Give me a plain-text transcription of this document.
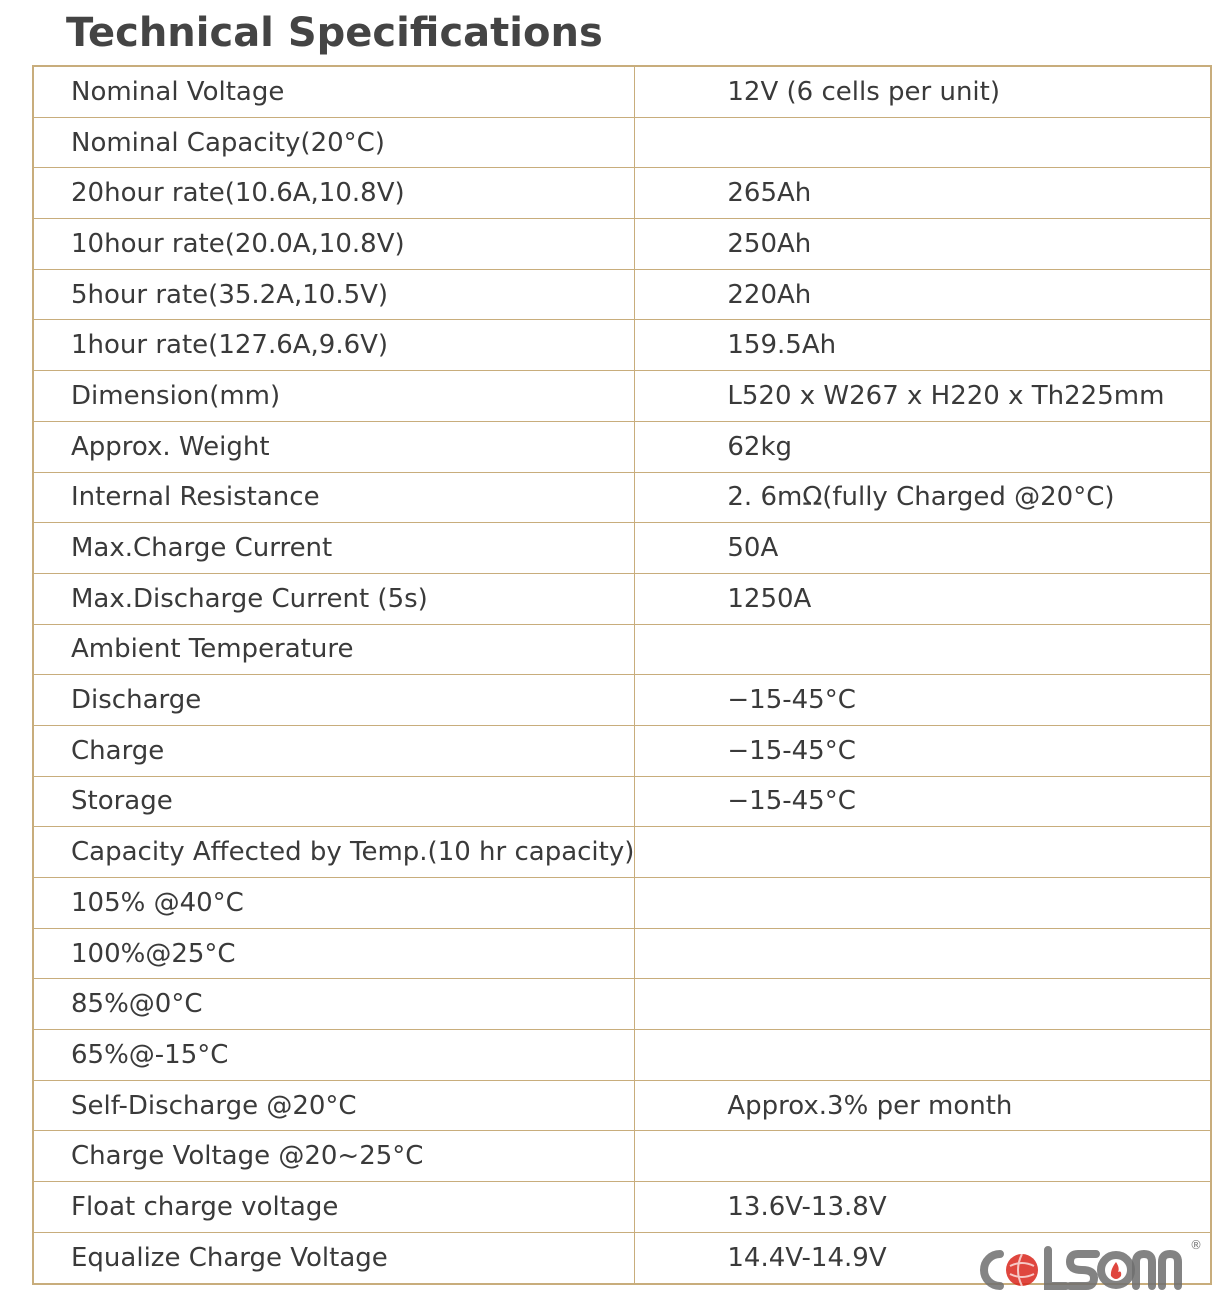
Technical Specifications
Nominal Voltage	12V (6 cells per unit)
Nominal Capacity(20°C)	
20hour rate(10.6A,10.8V)	265Ah
10hour rate(20.0A,10.8V)	250Ah
5hour rate(35.2A,10.5V)	220Ah
1hour rate(127.6A,9.6V)	159.5Ah
Dimension(mm)	L520 x W267 x H220 x Th225mm
Approx. Weight	62kg
Internal Resistance	2. 6mΩ(fully Charged @20°C)
Max.Charge Current	50A
Max.Discharge Current (5s)	1250A
Ambient Temperature	
Discharge	−15-45°C
Charge	−15-45°C
Storage	−15-45°C
Capacity Affected by Temp.(10 hr capacity)	
105% @40°C	
100%@25°C	
85%@0°C	
65%@-15°C	
Self-Discharge @20°C	Approx.3% per month
Charge Voltage @20~25°C	
Float charge voltage	13.6V-13.8V
Equalize Charge Voltage	14.4V-14.9V	®
